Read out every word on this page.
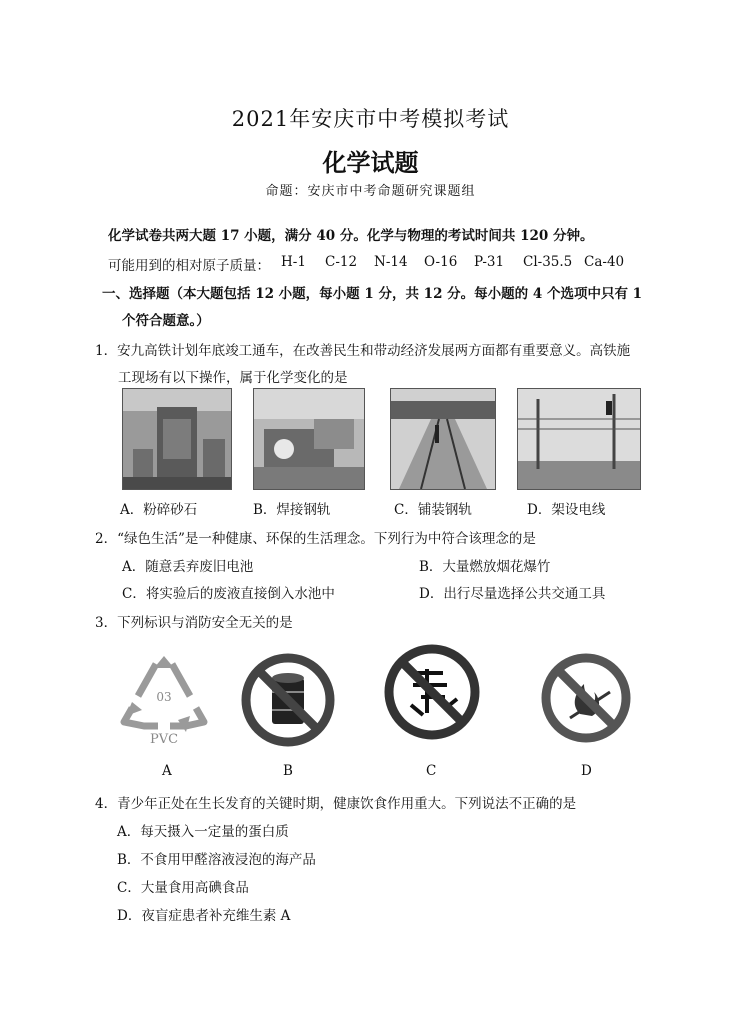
2021年安庆市中考模拟考试
化学试题
命题：安庆市中考命题研究课题组
化学试卷共两大题 17 小题，满分 40 分。化学与物理的考试时间共 120 分钟。
可能用到的相对原子质量： H-1 C-12 N-14 O-16 P-31 Cl-35.5 Ca-40
一、选择题（本大题包括 12 小题，每小题 1 分，共 12 分。每小题的 4 个选项中只有 1
个符合题意。）
1．安九高铁计划年底竣工通车，在改善民生和带动经济发展两方面都有重要意义。高铁施
工现场有以下操作，属于化学变化的是
A．粉碎砂石	B．焊接钢轨	C．铺装钢轨	D．架设电线
2．“绿色生活”是一种健康、环保的生活理念。下列行为中符合该理念的是
A．随意丢弃废旧电池	B．大量燃放烟花爆竹
C．将实验后的废液直接倒入水池中	D．出行尽量选择公共交通工具
3．下列标识与消防安全无关的是
03
PVC
A	B	C	D
4．青少年正处在生长发育的关键时期，健康饮食作用重大。下列说法不正确的是
A．每天摄入一定量的蛋白质
B．不食用甲醛溶液浸泡的海产品
C．大量食用高碘食品
D．夜盲症患者补充维生素 A
